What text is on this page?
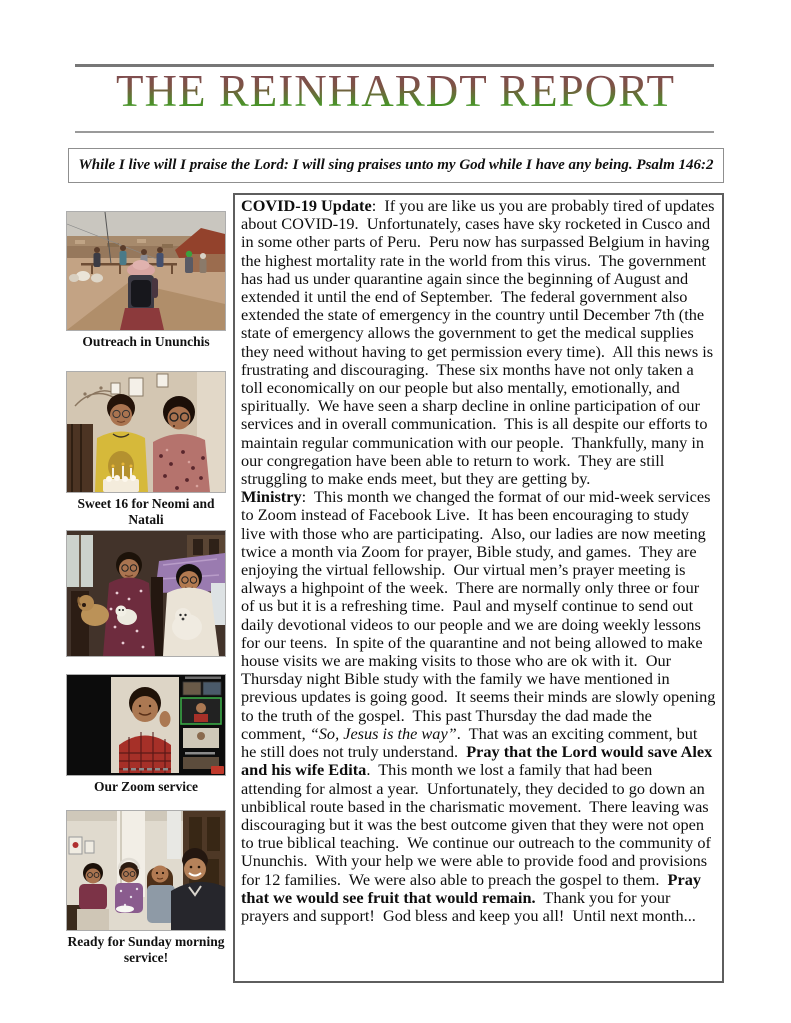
THE REINHARDT REPORT

While I live will I praise the Lord: I will sing praises unto my God while I have any being. Psalm 146:2

Outreach in Ununchis
Sweet 16 for Neomi and Natali
Our Zoom service
Ready for Sunday morning service!
COVID-19 Update:  If you are like us you are probably tired of updates about COVID-19.  Unfortunately, cases have sky rocketed in Cusco and in some other parts of Peru.  Peru now has surpassed Belgium in having the highest mortality rate in the world from this virus.  The government has had us under quarantine again since the beginning of August and extended it until the end of September.  The federal government also extended the state of emergency in the country until December 7th (the state of emergency allows the government to get the medical supplies they need without having to get permission every time).  All this news is frustrating and discouraging.  These six months have not only taken a toll economically on our people but also mentally, emotionally, and spiritually.  We have seen a sharp decline in online participation of our services and in overall communication.  This is all despite our efforts to maintain regular communication with our people.  Thankfully, many in our congregation have been able to return to work.  They are still struggling to make ends meet, but they are getting by.
Ministry:  This month we changed the format of our mid-week services to Zoom instead of Facebook Live.  It has been encouraging to study live with those who are participating.  Also, our ladies are now meeting twice a month via Zoom for prayer, Bible study, and games.  They are enjoying the virtual fellowship.  Our virtual men’s prayer meeting is always a highpoint of the week.  There are normally only three or four of us but it is a refreshing time.  Paul and myself continue to send out daily devotional videos to our people and we are doing weekly lessons for our teens.  In spite of the quarantine and not being allowed to make house visits we are making visits to those who are ok with it.  Our Thursday night Bible study with the family we have mentioned in previous updates is going good.  It seems their minds are slowly opening to the truth of the gospel.  This past Thursday the dad made the comment, “So, Jesus is the way”.  That was an exciting comment, but he still does not truly understand.  Pray that the Lord would save Alex and his wife Edita.  This month we lost a family that had been attending for almost a year.  Unfortunately, they decided to go down an unbiblical route based in the charismatic movement.  There leaving was discouraging but it was the best outcome given that they were not open to true biblical teaching.  We continue our outreach to the community of Ununchis.  With your help we were able to provide food and provisions for 12 families.  We were also able to preach the gospel to them.  Pray that we would see fruit that would remain.  Thank you for your prayers and support!  God bless and keep you all!  Until next month...
